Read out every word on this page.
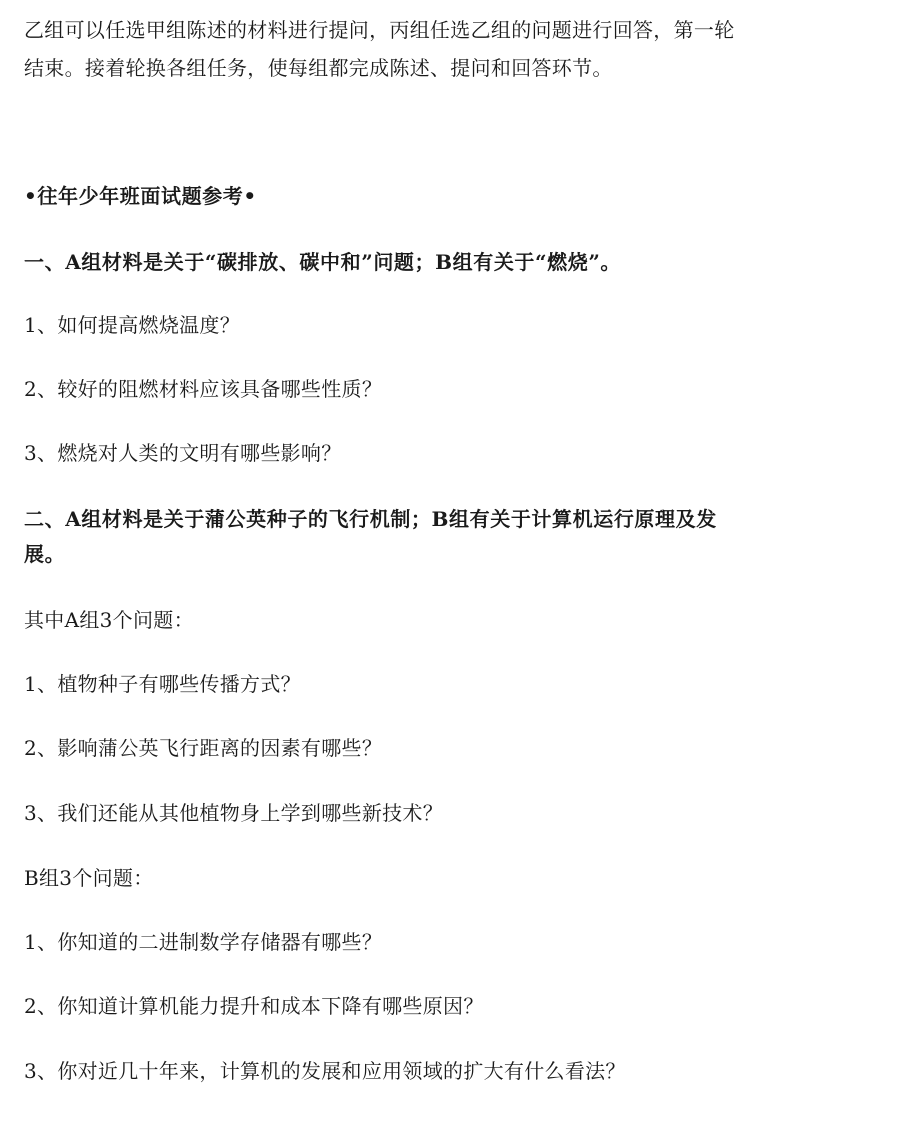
乙组可以任选甲组陈述的材料进行提问，丙组任选乙组的问题进行回答，第一轮
结束。接着轮换各组任务，使每组都完成陈述、提问和回答环节。
•往年少年班面试题参考•
一、A组材料是关于“碳排放、碳中和”问题；B组有关于“燃烧”。
1、如何提高燃烧温度？
2、较好的阻燃材料应该具备哪些性质？
3、燃烧对人类的文明有哪些影响？
二、A组材料是关于蒲公英种子的飞行机制；B组有关于计算机运行原理及发
展。
其中A组3个问题：
1、植物种子有哪些传播方式？
2、影响蒲公英飞行距离的因素有哪些？
3、我们还能从其他植物身上学到哪些新技术？
B组3个问题：
1、你知道的二进制数学存储器有哪些？
2、你知道计算机能力提升和成本下降有哪些原因？
3、你对近几十年来，计算机的发展和应用领域的扩大有什么看法？
